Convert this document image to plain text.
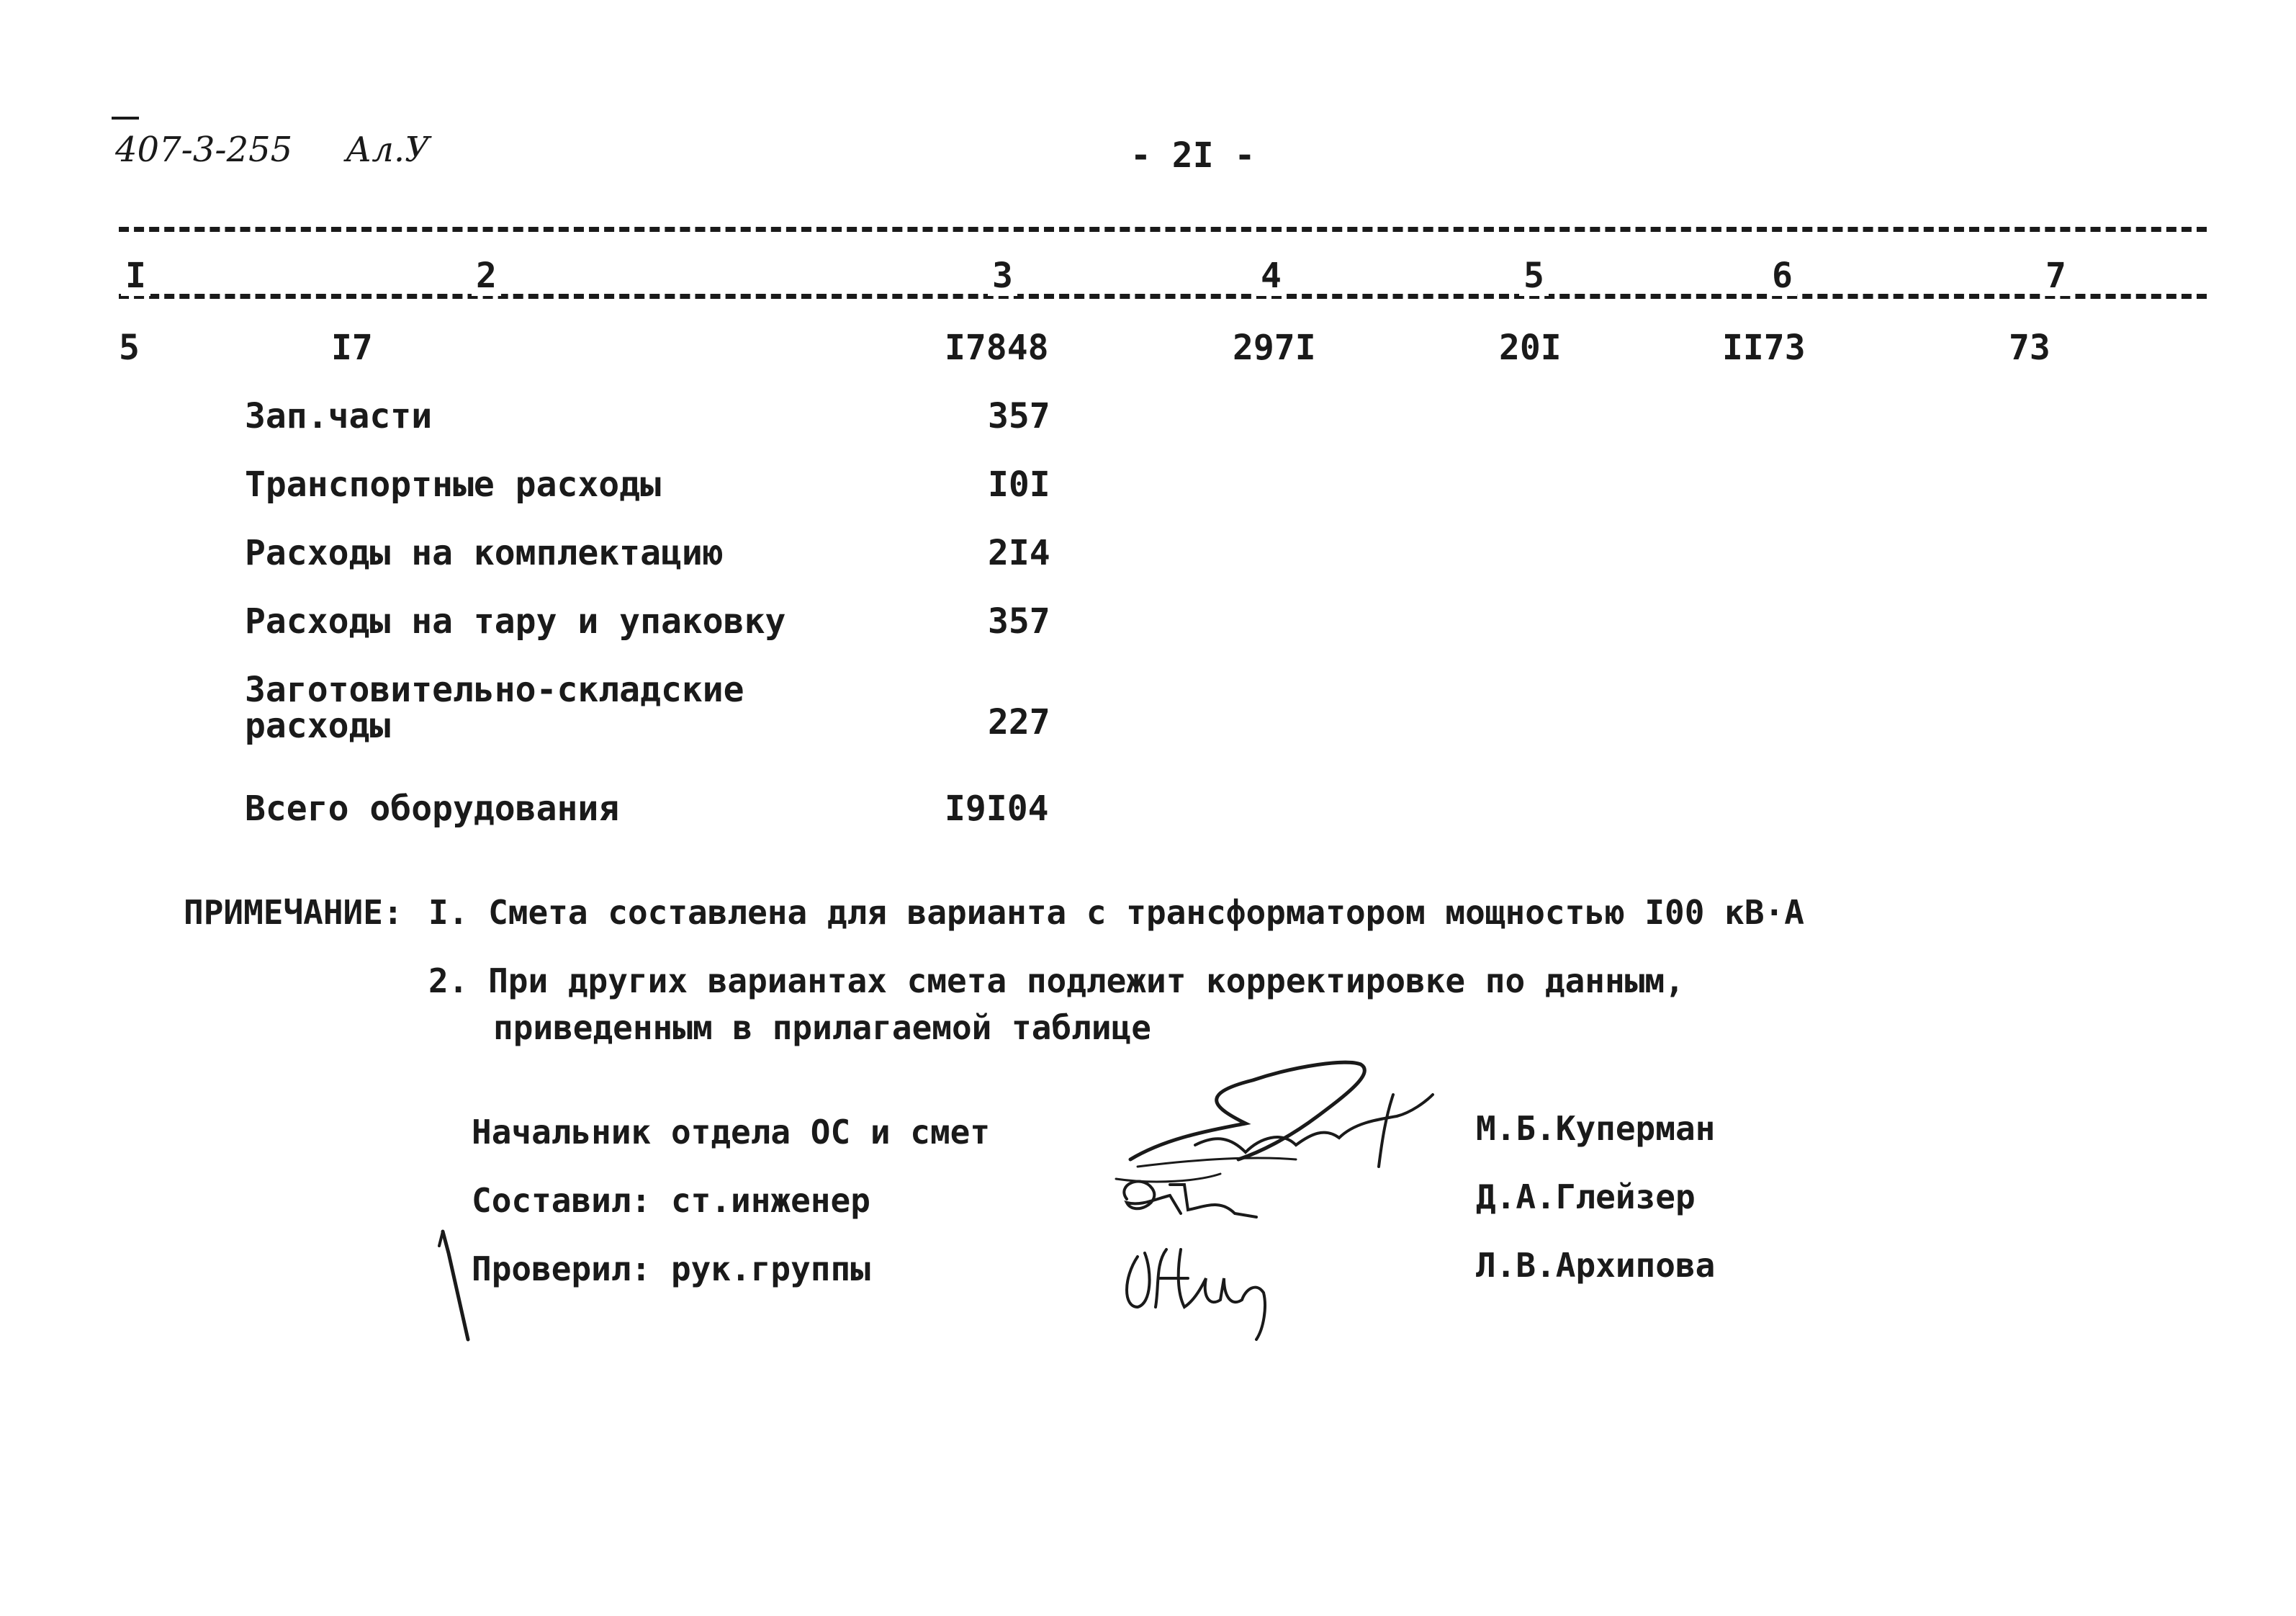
407-3-255 Ал.У	- 2I -
I	2	3	4	5	6	7
5	I7	I7848	297I	20I	II73	73
Зап.части	357
Транспортные расходы	I0I
Расходы на комплектацию	2I4
Расходы на тару и упаковку	357
Заготовительно-складские
расходы	227
Всего оборудования	I9I04
ПРИМЕЧАНИЕ: I. Смета составлена для варианта с трансформатором мощностью I00 кВ·А
2. При других вариантах смета подлежит корректировке по данным,
приведенным в прилагаемой таблице
Начальник отдела ОС и смет	М.Б.Куперман
Составил: ст.инженер	Д.А.Глейзер
Проверил: рук.группы	Л.В.Архипова
